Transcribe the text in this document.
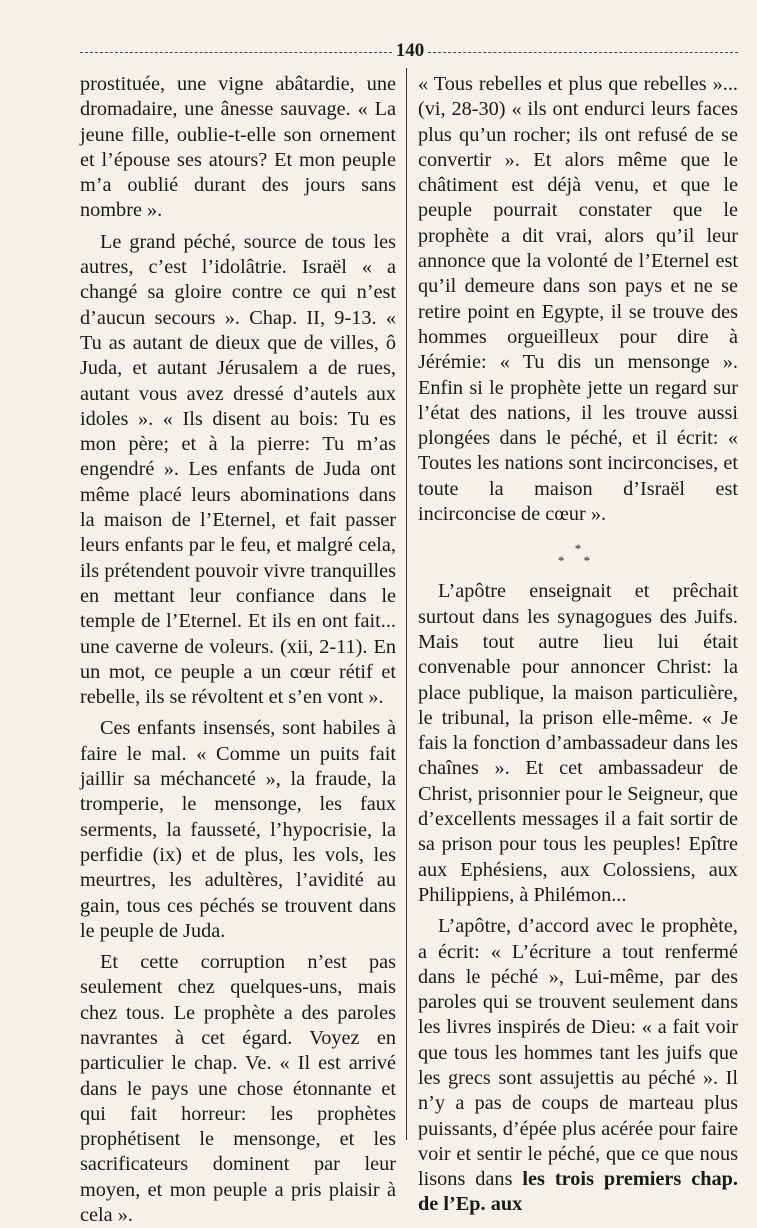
140

prostituée, une vigne abâtardie, une dromadaire, une ânesse sauvage. « La jeune fille, oublie-t-elle son ornement et l’épouse ses atours? Et mon peuple m’a oublié durant des jours sans nombre ».

Le grand péché, source de tous les autres, c’est l’idolâtrie. Israël « a changé sa gloire contre ce qui n’est d’aucun secours ». Chap. II, 9-13. « Tu as autant de dieux que de villes, ô Juda, et autant Jérusalem a de rues, autant vous avez dressé d’autels aux idoles ». « Ils disent au bois: Tu es mon père; et à la pierre: Tu m’as engendré ». Les enfants de Juda ont même placé leurs abominations dans la maison de l’Eternel, et fait passer leurs enfants par le feu, et malgré cela, ils prétendent pouvoir vivre tranquilles en mettant leur confiance dans le temple de l’Eternel. Et ils en ont fait... une caverne de voleurs. (xii, 2-11). En un mot, ce peuple a un cœur rétif et rebelle, ils se révoltent et s’en vont ».

Ces enfants insensés, sont habiles à faire le mal. « Comme un puits fait jaillir sa méchanceté », la fraude, la tromperie, le mensonge, les faux serments, la fausseté, l’hypocrisie, la perfidie (ix) et de plus, les vols, les meurtres, les adultères, l’avidité au gain, tous ces péchés se trouvent dans le peuple de Juda.

Et cette corruption n’est pas seulement chez quelques-uns, mais chez tous. Le prophète a des paroles navrantes à cet égard. Voyez en particulier le chap. Ve. « Il est arrivé dans le pays une chose étonnante et qui fait horreur: les prophètes prophétisent le mensonge, et les sacrificateurs dominent par leur moyen, et mon peuple a pris plaisir à cela ».

« Tous rebelles et plus que rebelles »... (vi, 28-30) « ils ont endurci leurs faces plus qu’un rocher; ils ont refusé de se convertir ». Et alors même que le châtiment est déjà venu, et que le peuple pourrait constater que le prophète a dit vrai, alors qu’il leur annonce que la volonté de l’Eternel est qu’il demeure dans son pays et ne se retire point en Egypte, il se trouve des hommes orgueilleux pour dire à Jérémie: « Tu dis un mensonge ». Enfin si le prophète jette un regard sur l’état des nations, il les trouve aussi plongées dans le péché, et il écrit: « Toutes les nations sont incirconcises, et toute la maison d’Israël est incirconcise de cœur ».

*
* *

L’apôtre enseignait et prêchait surtout dans les synagogues des Juifs. Mais tout autre lieu lui était convenable pour annoncer Christ: la place publique, la maison particulière, le tribunal, la prison elle-même. « Je fais la fonction d’ambassadeur dans les chaînes ». Et cet ambassadeur de Christ, prisonnier pour le Seigneur, que d’excellents messages il a fait sortir de sa prison pour tous les peuples! Epître aux Ephésiens, aux Colossiens, aux Philippiens, à Philémon...

L’apôtre, d’accord avec le prophète, a écrit: « L’écriture a tout renfermé dans le péché », Lui-même, par des paroles qui se trouvent seulement dans les livres inspirés de Dieu: « a fait voir que tous les hommes tant les juifs que les grecs sont assujettis au péché ». Il n’y a pas de coups de marteau plus puissants, d’épée plus acérée pour faire voir et sentir le péché, que ce que nous lisons dans les trois premiers chap. de l’Ep. aux
